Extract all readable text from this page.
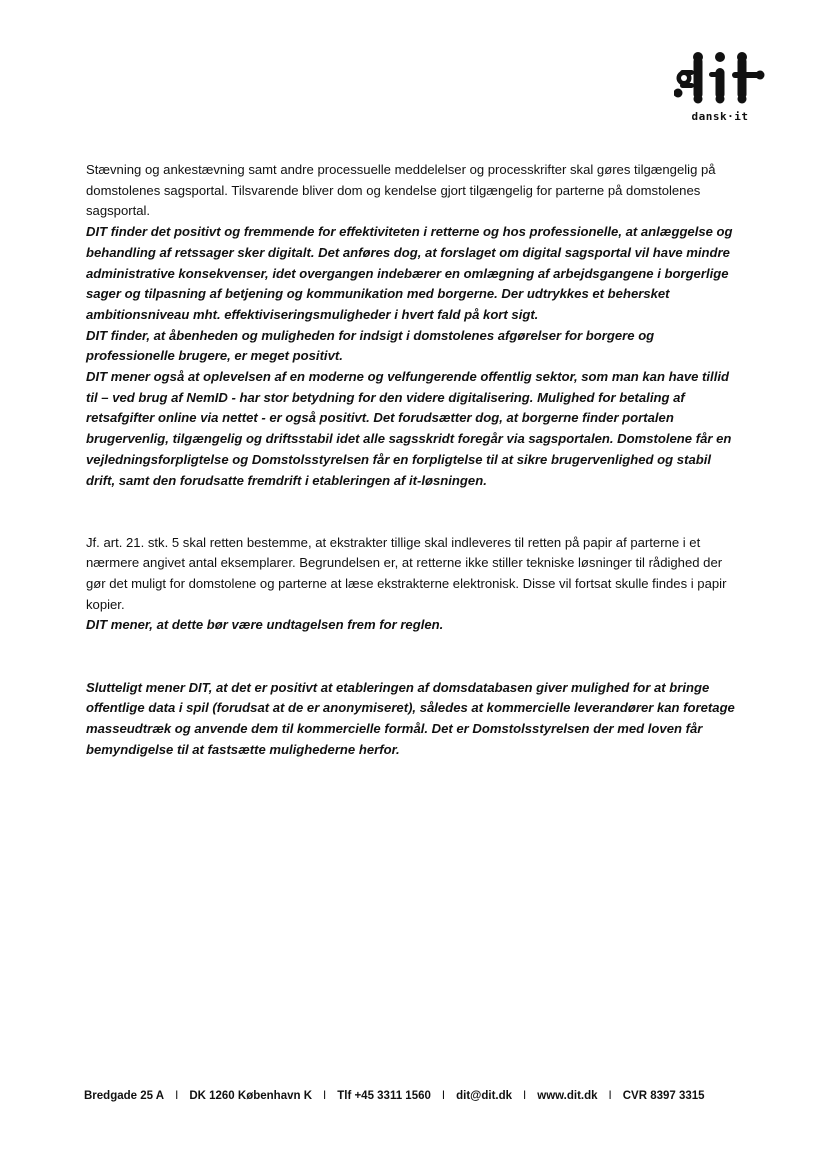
dansk·it

Stævning og ankestævning samt andre processuelle meddelelser og processkrifter skal gøres tilgængelig på domstolenes sagsportal. Tilsvarende bliver dom og kendelse gjort tilgængelig for parterne på domstolenes sagsportal.

DIT finder det positivt og fremmende for effektiviteten i retterne og hos professionelle, at anlæggelse og behandling af retssager sker digitalt. Det anføres dog, at forslaget om digital sagsportal vil have mindre administrative konsekvenser, idet overgangen indebærer en omlægning af arbejdsgangene i borgerlige sager og tilpasning af betjening og kommunikation med borgerne. Der udtrykkes et behersket ambitionsniveau mht. effektiviseringsmuligheder i hvert fald på kort sigt.

DIT finder, at åbenheden og muligheden for indsigt i domstolenes afgørelser for borgere og professionelle brugere, er meget positivt.

DIT mener også at oplevelsen af en moderne og velfungerende offentlig sektor, som man kan have tillid til – ved brug af NemID - har stor betydning for den videre digitalisering. Mulighed for betaling af retsafgifter online via nettet - er også positivt. Det forudsætter dog, at borgerne finder portalen brugervenlig, tilgængelig og driftsstabil idet alle sagsskridt foregår via sagsportalen. Domstolene får en vejledningsforpligtelse og Domstolsstyrelsen får en forpligtelse til at sikre brugervenlighed og stabil drift, samt den forudsatte fremdrift i etableringen af it-løsningen.

Jf. art. 21. stk. 5 skal retten bestemme, at ekstrakter tillige skal indleveres til retten på papir af parterne i et nærmere angivet antal eksemplarer. Begrundelsen er, at retterne ikke stiller tekniske løsninger til rådighed der gør det muligt for domstolene og parterne at læse ekstrakterne elektronisk. Disse vil fortsat skulle findes i papir kopier.

DIT mener, at dette bør være undtagelsen frem for reglen.

Slutteligt mener DIT, at det er positivt at etableringen af domsdatabasen giver mulighed for at bringe offentlige data i spil (forudsat at de er anonymiseret), således at kommercielle leverandører kan foretage masseudtræk og anvende dem til kommercielle formål. Det er Domstolsstyrelsen der med loven får bemyndigelse til at fastsætte mulighederne herfor.

Bredgade 25 A I DK 1260 København K I Tlf +45 3311 1560 I dit@dit.dk I www.dit.dk I CVR 8397 3315
